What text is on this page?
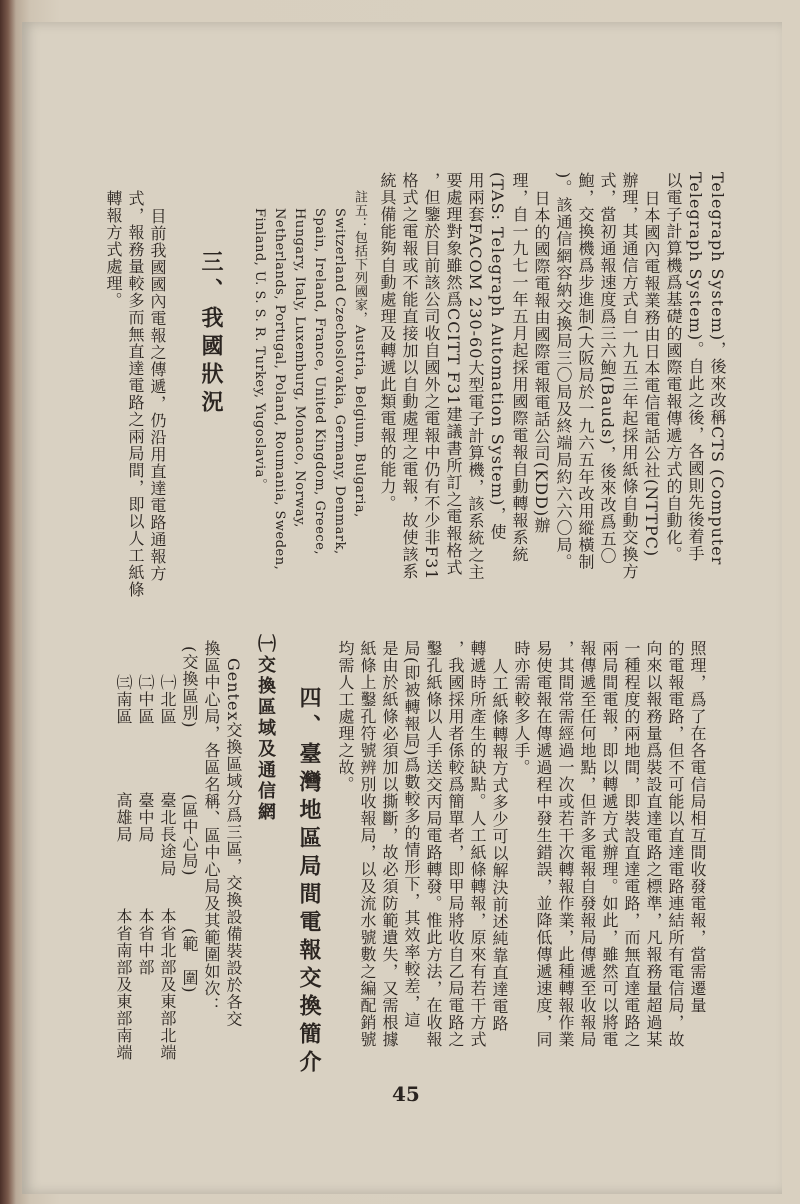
Telegraph System)，後來改稱CTS (Computer
Telegraph System)。自此之後，各國則先後着手
以電子計算機爲基礎的國際電報傳遞方式的自動化。
日本國內電報業務由日本電信電話公社(NTTPC)
辦理，其通信方式自一九五三年起採用紙條自動交換方
式，當初通報速度爲三六鮑(Bauds)，後來改爲五〇
鮑，交換機爲步進制(大阪局於一九六五年改用縱橫制
)。該通信網容納交換局三〇局及終端局約六六〇局。
日本的國際電報由國際電報電話公司(KDD)辦
理，自一九七一年五月起採用國際電報自動轉報系統
(TAS: Telegraph Automation System)，使
用兩套FACOM 230-60大型電子計算機，該系統之主
要處理對象雖然爲CCITT F31建議書所訂之電報格式
，但鑒於目前該公司收自國外之電報中仍有不少非F31
格式之電報或不能直接加以自動處理之電報，故使該系
統具備能夠自動處理及轉遞此類電報的能力。
註五：包括下列國家，Austria, Belgium, Bulgaria,
Switzerland Czechoslovakia, Germany, Denmark,
Spain, Ireland, France, United Kingdom, Greece,
Hungary, Italy, Luxemburg, Monaco, Norway,
Netherlands, Portugal, Poland, Roumania, Sweden,
Finland, U. S. S. R. Turkey, Yugoslavia。
三、我國狀況
目前我國國內電報之傳遞，仍沿用直達電路通報方
式，報務量較多而無直達電路之兩局間，即以人工紙條
轉報方式處理。
照理，爲了在各電信局相互間收發電報，當需遷量
的電報電路，但不可能以直達電路連結所有電信局，故
向來以報務量爲裝設直達電路之標準，凡報務量超過某
一種程度的兩地間，即裝設直達電路，而無直達電路之
兩局間電報，即以轉遞方式辦理。如此，雖然可以將電
報傳遞至任何地點，但許多電報自發報局傳遞至收報局
，其間常需經過一次或若干次轉報作業，此種轉報作業
易使電報在傳遞過程中發生錯誤，並降低傳遞速度，同
時亦需較多人手。
人工紙條轉報方式多少可以解決前述純靠直達電路
轉遞時所產生的缺點。人工紙條轉報，原來有若干方式
，我國採用者係較爲簡單者，即甲局將收自乙局電路之
鑿孔紙條以人手送交丙局電路轉發。惟此方法，在收報
局(即被轉報局)爲數較多的情形下，其效率較差，這
是由於紙條必須加以撕斷，故必須防範遺失，又需根據
紙條上鑿孔符號辨別收報局，以及流水號數之編配銷號
均需人工處理之故。
四、臺灣地區局間電報交換簡介
㈠交換區域及通信網
Gentex交換區域分爲三區，交換設備裝設於各交
換區中心局，各區名稱、區中心局及其範圍如次：
(交換區別)
(區中心局)
(範　圍)
㈠北區
臺北長途局
本省北部及東部北端
㈡中區
臺中局
本省中部
㈢南區
高雄局
本省南部及東部南端
45
